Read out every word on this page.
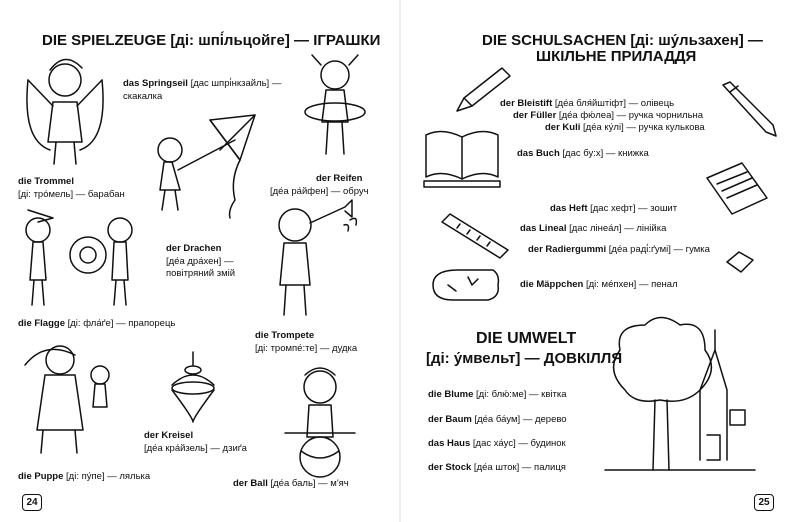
DIE SPIELZEUGE [ді: шпі́льцойге] — ІГРАШКИ
das Springseil [дас шпрі́нкзайль] —
скакалка
die Trommel
[ді: тро́мель] — барабан
der Reifen
[де́а ра́йфен] — обруч
der Drachen
[де́а дра́хен] —
повітряний змій
die Flagge [ді: фла́ґе] — прапорець
die Trompete
[ді: тромпе́:те] — дудка
der Kreisel
[де́а кра́йзель] — дзиґа
die Puppe [ді: пу́пе] — лялька
der Ball [де́а баль] — м'яч
24
DIE SCHULSACHEN [ді: шу́льзахен] —
ШКІЛЬНЕ ПРИЛАДДЯ
der Bleistift [де́а бля́йштіфт] — олівець
der Füller [де́а фю́леа] — ручка чорнильна
der Kuli [де́а ку́лі] — ручка кулькова
das Buch [дас бу:х] — книжка
das Heft [дас хефт] — зошит
das Lineal [дас лінеа́л] — лінійка
der Radiergummi [де́а раді́:ґумі] — гумка
die Mäppchen [ді: ме́пхен] — пенал
DIE UMWELT
[ді: у́мвельт] — ДОВКІЛЛЯ
die Blume [ді: блю́:ме] — квітка
der Baum [де́а ба́ум] — дерево
das Haus [дас ха́ус] — будинок
der Stock [де́а шток] — палиця
25
